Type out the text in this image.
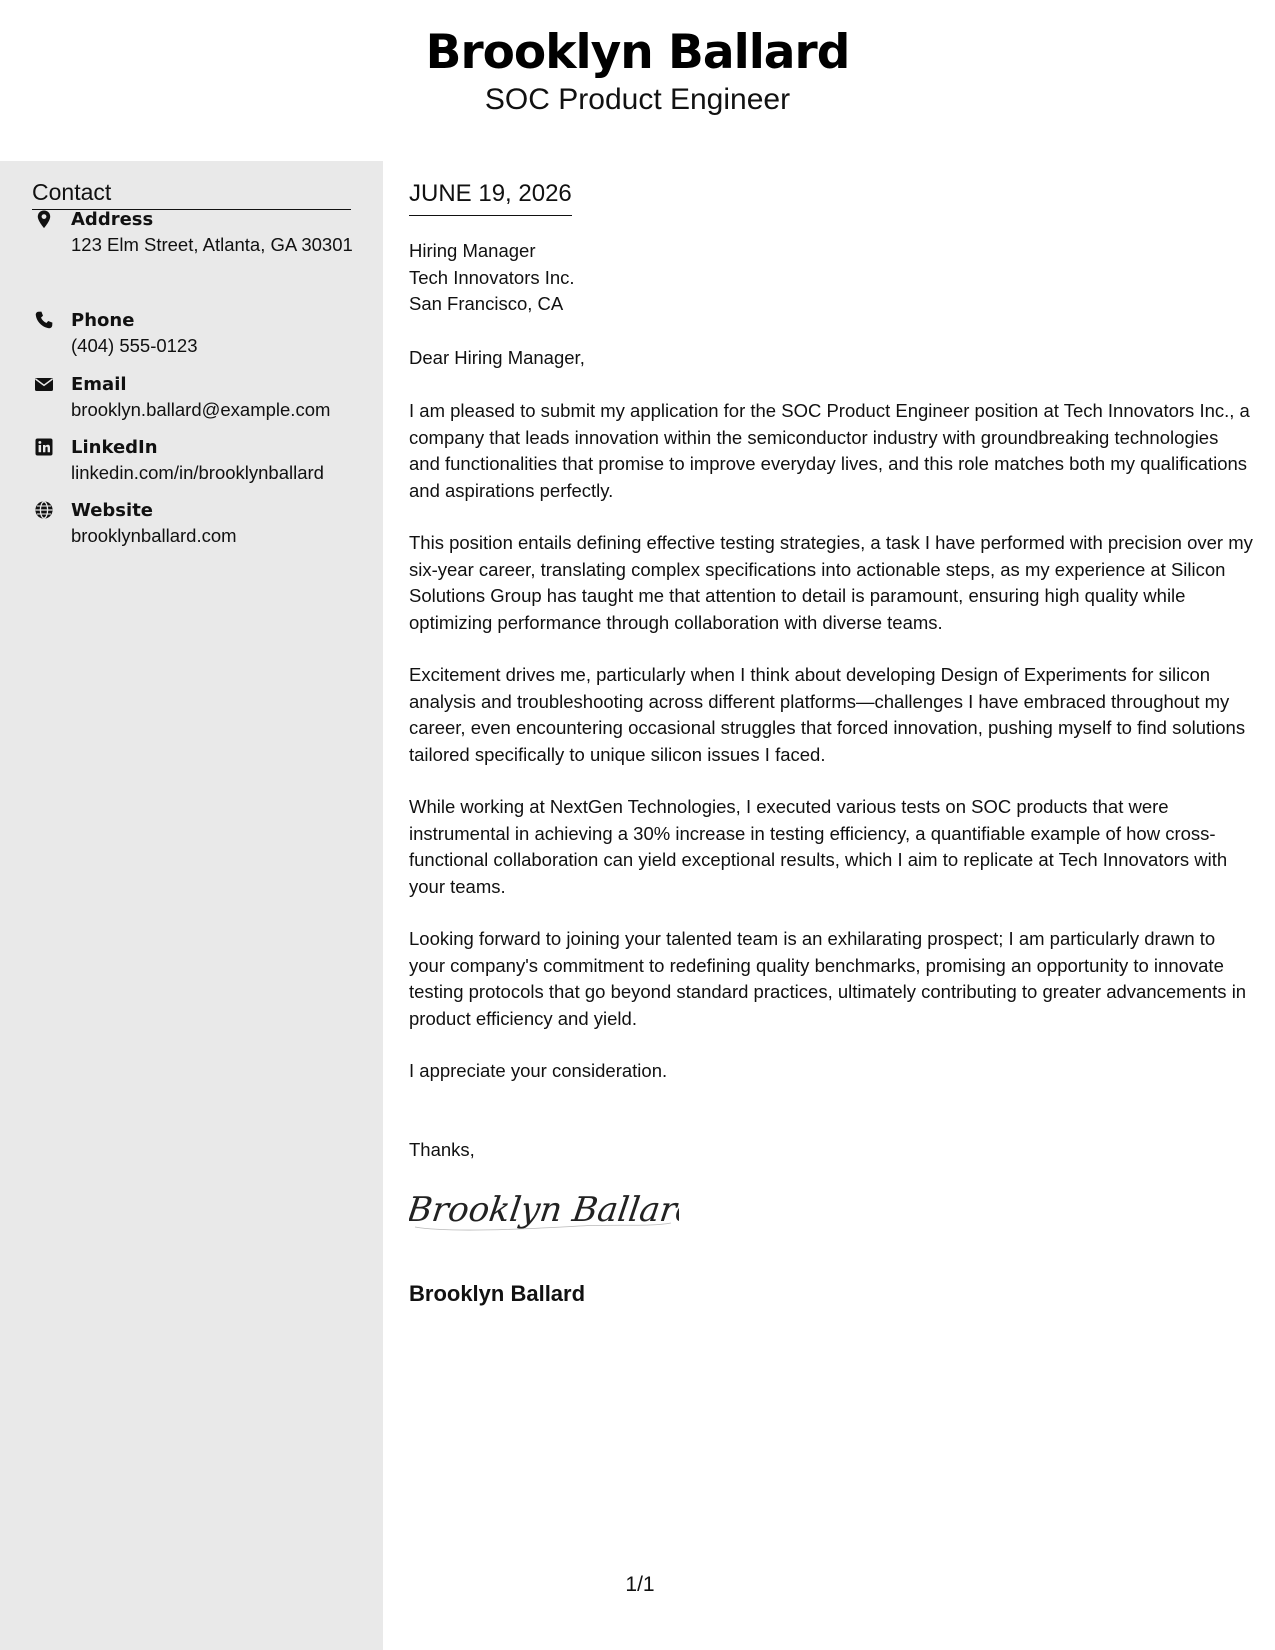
Brooklyn Ballard
SOC Product Engineer
Contact
Address
123 Elm Street, Atlanta, GA 30301
Phone
(404) 555-0123
Email
brooklyn.ballard@example.com
LinkedIn
linkedin.com/in/brooklynballard
Website
brooklynballard.com
JUNE 19, 2026
Hiring Manager
Tech Innovators Inc.
San Francisco, CA
Dear Hiring Manager,

I am pleased to submit my application for the SOC Product Engineer position at Tech Innovators Inc., a company that leads innovation within the semiconductor industry with groundbreaking technologies and functionalities that promise to improve everyday lives, and this role matches both my qualifications and aspirations perfectly.

This position entails defining effective testing strategies, a task I have performed with precision over my six-year career, translating complex specifications into actionable steps, as my experience at Silicon Solutions Group has taught me that attention to detail is paramount, ensuring high quality while optimizing performance through collaboration with diverse teams.

Excitement drives me, particularly when I think about developing Design of Experiments for silicon analysis and troubleshooting across different platforms—challenges I have embraced throughout my career, even encountering occasional struggles that forced innovation, pushing myself to find solutions tailored specifically to unique silicon issues I faced.

While working at NextGen Technologies, I executed various tests on SOC products that were instrumental in achieving a 30% increase in testing efficiency, a quantifiable example of how cross-functional collaboration can yield exceptional results, which I aim to replicate at Tech Innovators with your teams.

Looking forward to joining your talented team is an exhilarating prospect; I am particularly drawn to your company's commitment to redefining quality benchmarks, promising an opportunity to innovate testing protocols that go beyond standard practices, ultimately contributing to greater advancements in product efficiency and yield.

I appreciate your consideration.

Thanks,
Brooklyn Ballard
Brooklyn Ballard
1/1
